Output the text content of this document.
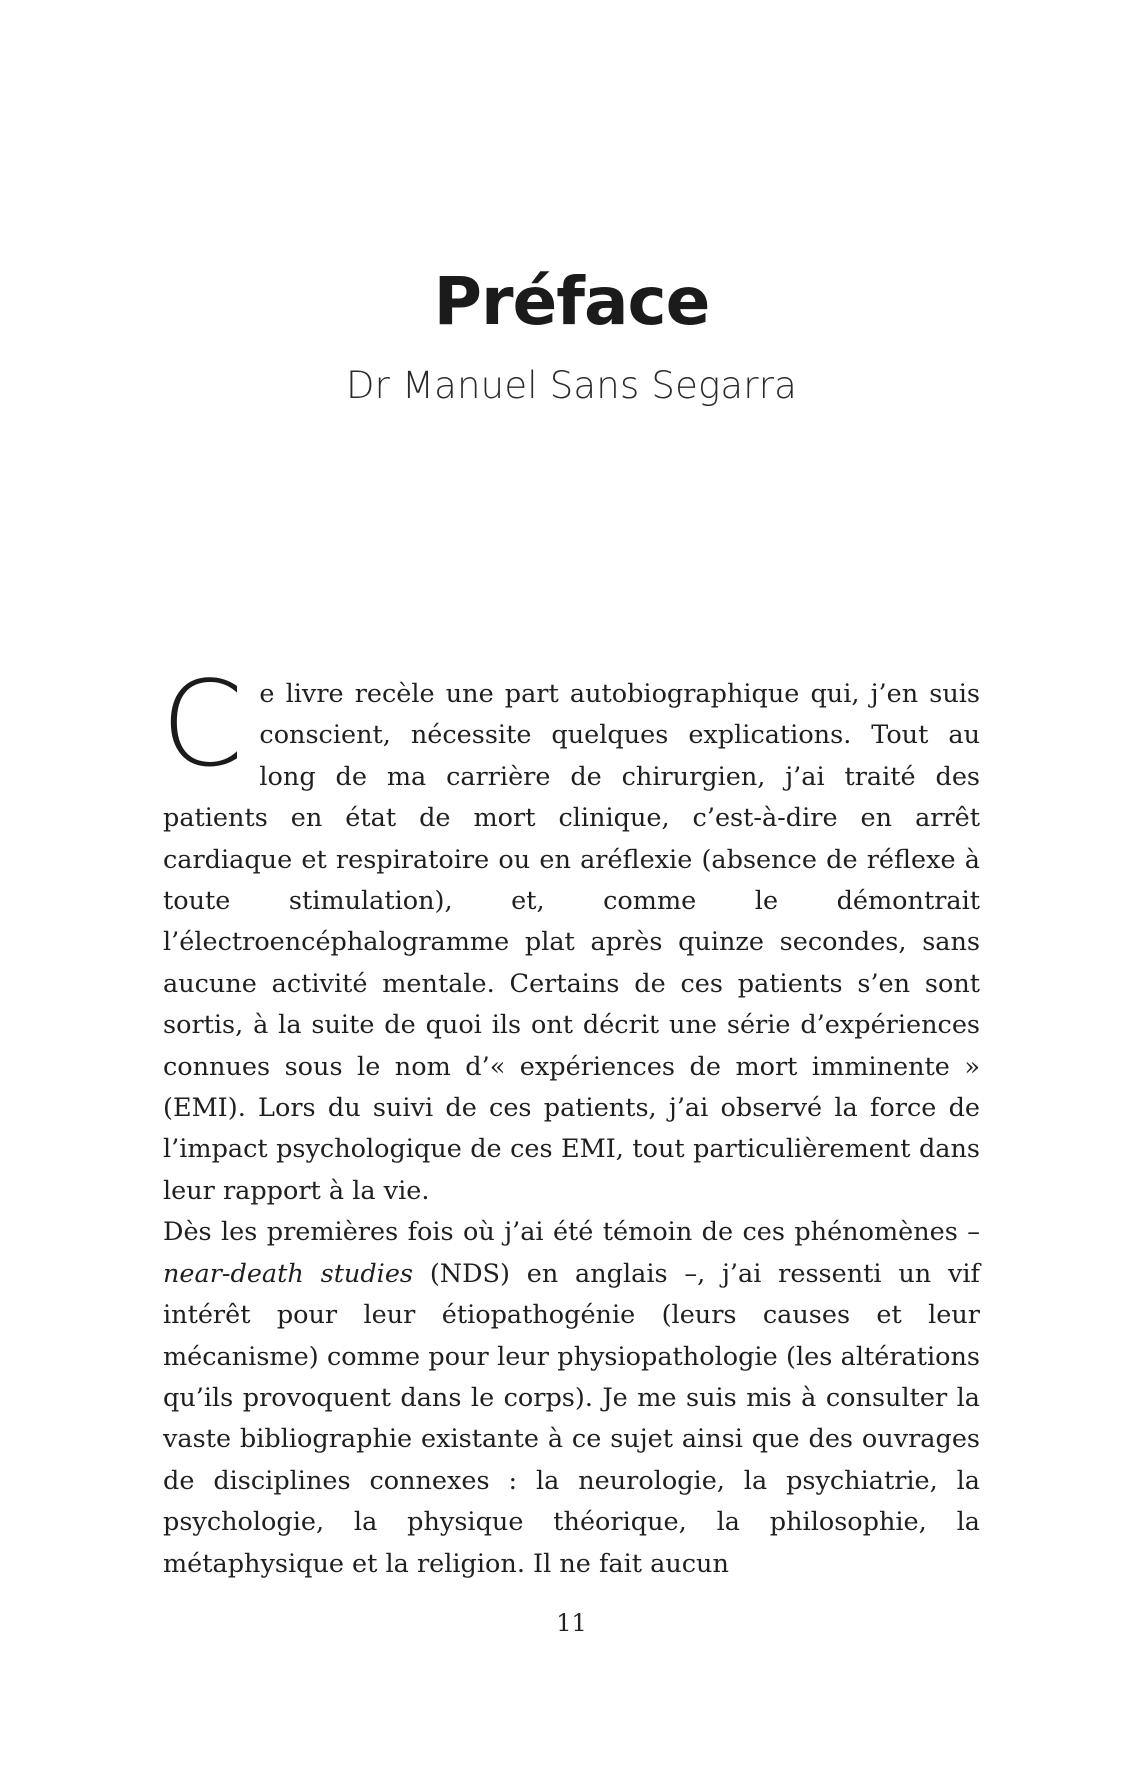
Préface
Dr Manuel Sans Segarra

Ce livre recèle une part autobiographique qui, j’en suis conscient, nécessite quelques explications. Tout au long de ma carrière de chirurgien, j’ai traité des patients en état de mort clinique, c’est-à-dire en arrêt cardiaque et respiratoire ou en aréflexie (absence de réflexe à toute stimulation), et, comme le démontrait l’électroencéphalogramme plat après quinze secondes, sans aucune activité mentale. Certains de ces patients s’en sont sortis, à la suite de quoi ils ont décrit une série d’expériences connues sous le nom d’« expériences de mort imminente » (EMI). Lors du suivi de ces patients, j’ai observé la force de l’impact psychologique de ces EMI, tout particulièrement dans leur rapport à la vie.

Dès les premières fois où j’ai été témoin de ces phénomènes – near-death studies (NDS) en anglais –, j’ai ressenti un vif intérêt pour leur étiopathogénie (leurs causes et leur mécanisme) comme pour leur physiopathologie (les altérations qu’ils provoquent dans le corps). Je me suis mis à consulter la vaste bibliographie existante à ce sujet ainsi que des ouvrages de disciplines connexes : la neurologie, la psychiatrie, la psychologie, la physique théorique, la philosophie, la métaphysique et la religion. Il ne fait aucun

11
